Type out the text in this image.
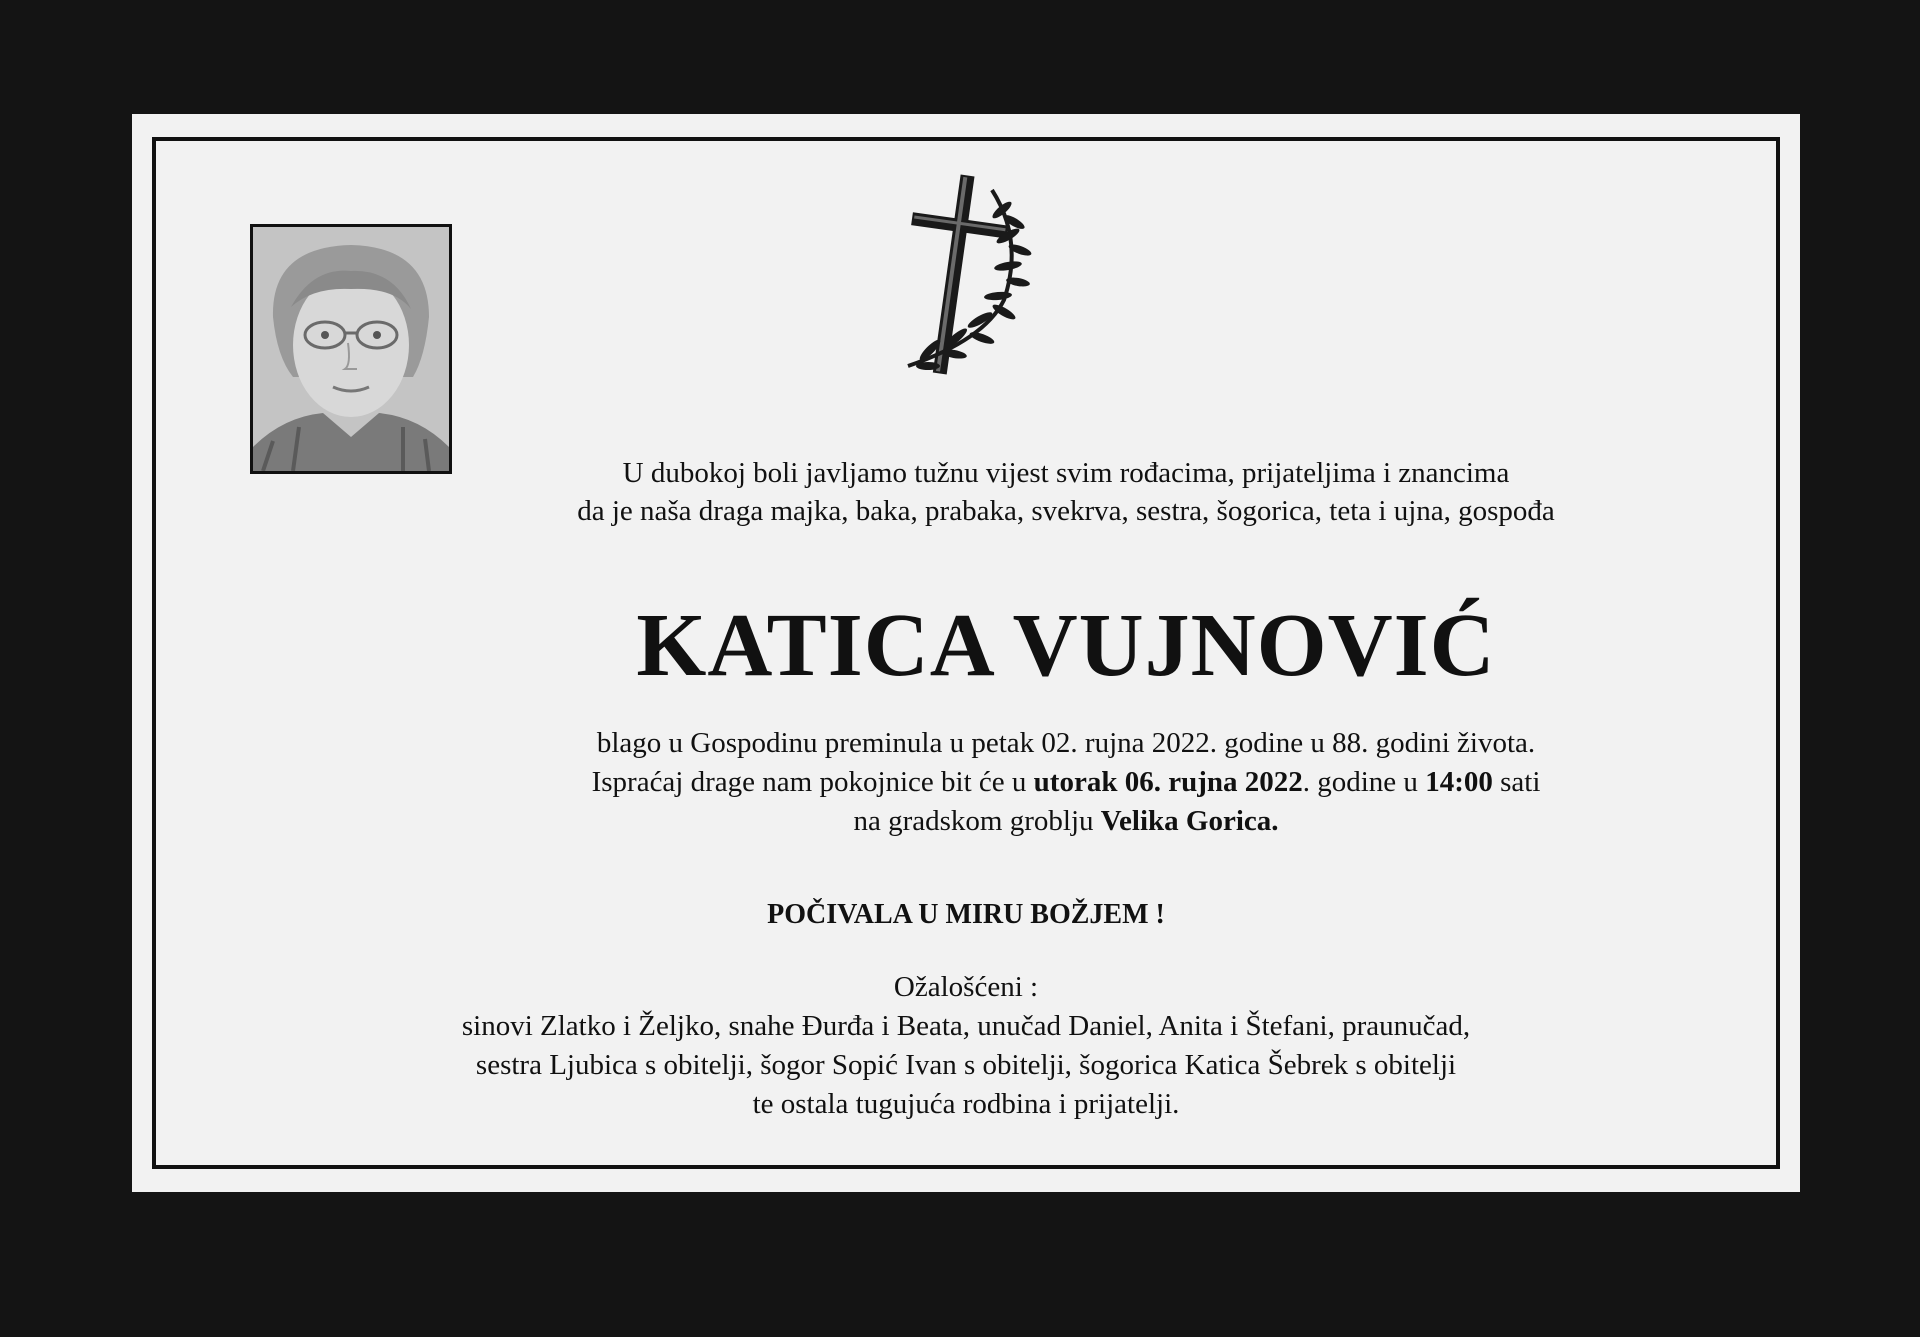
U dubokoj boli javljamo tužnu vijest svim rođacima, prijateljima i znancima
da je naša draga majka, baka, prabaka, svekrva, sestra, šogorica, teta i ujna, gospođa
KATICA VUJNOVIĆ
blago u Gospodinu preminula u petak 02. rujna 2022. godine u 88. godini života.
Ispraćaj drage nam pokojnice bit će u utorak 06. rujna 2022. godine u 14:00 sati
na gradskom groblju Velika Gorica.
POČIVALA U MIRU BOŽJEM !
Ožalošćeni :
sinovi Zlatko i Željko, snahe Đurđa i Beata, unučad Daniel, Anita i Štefani, praunučad,
sestra Ljubica s obitelji, šogor Sopić Ivan s obitelji, šogorica Katica Šebrek s obitelji
te ostala tugujuća rodbina i prijatelji.
